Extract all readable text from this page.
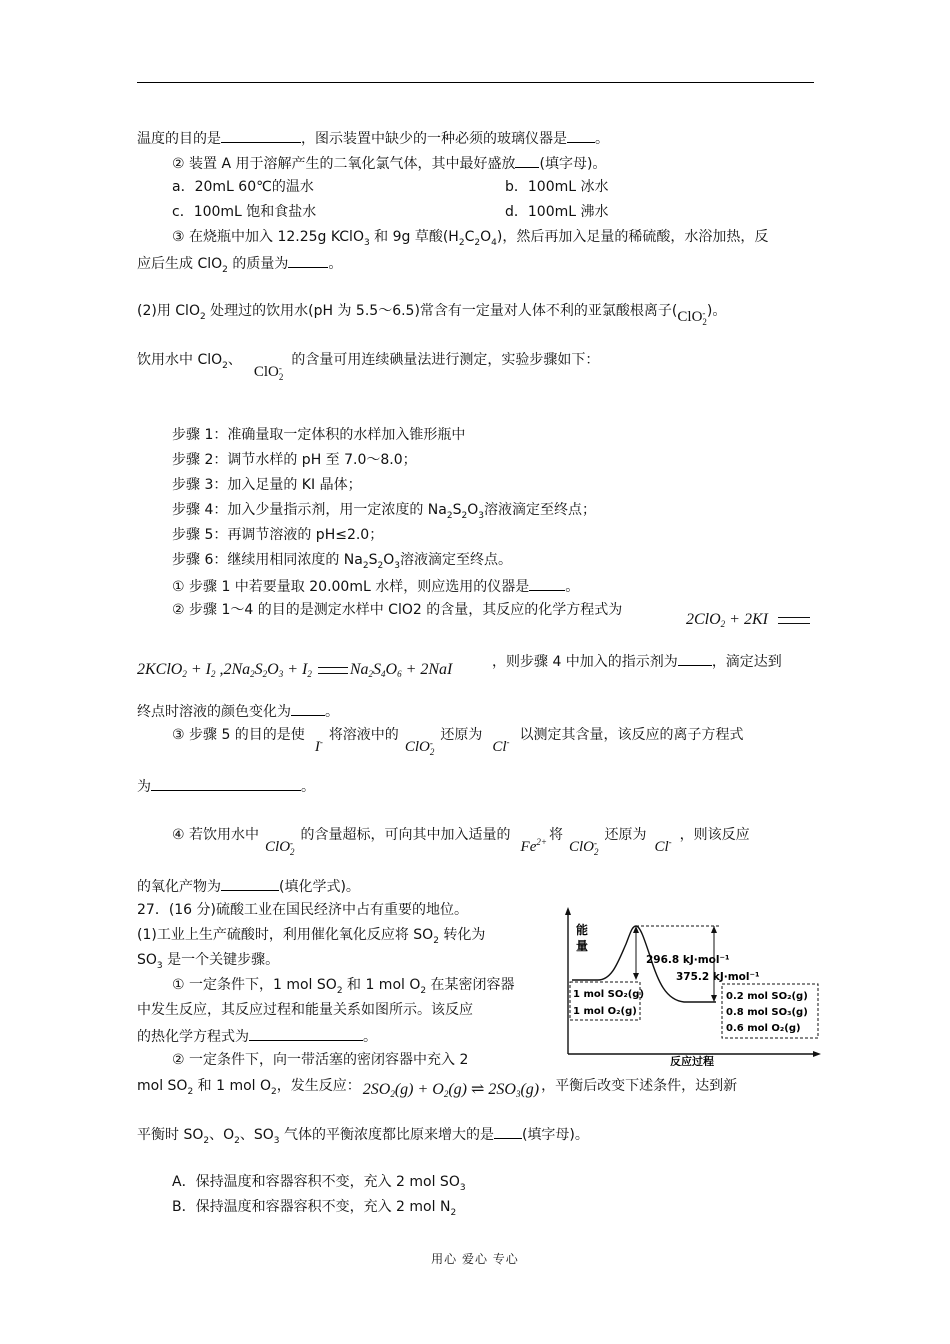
温度的目的是	，图示装置中缺少的一种必须的玻璃仪器是 。
② 装置 A 用于溶解产生的二氧化氯气体，其中最好盛放 (填字母)。
a．20mL 60℃的温水	b．100mL 冰水
c．100mL 饱和食盐水	d．100mL 沸水
③ 在烧瓶中加入 12.25g KClO$_3$ 和 9g 草酸$(H_2C_2O_4)$，然后再加入足量的稀硫酸，水浴加热，反
应后生成 ClO$_2$ 的质量为	。
(2)用 ClO$_2$ 处理过的饮用水(pH 为 5.5～6.5)常含有一定量对人体不利的亚氯酸根离子(ClO -
2
)。
饮用水中 ClO$_2$、ClO -
2
的含量可用连续碘量法进行测定，实验步骤如下：
步骤 1：准确量取一定体积的水样加入锥形瓶中
步骤 2：调节水样的 pH 至 7.0～8.0；
步骤 3：加入足量的 KI 晶体；
步骤 4：加入少量指示剂，用一定浓度的 $Na_2S_2O_3$溶液滴定至终点；
步骤 5：再调节溶液的 pH≤2.0；
步骤 6：继续用相同浓度的 $Na_2S_2O_3$溶液滴定至终点。
① 步骤 1 中若要量取 20.00mL 水样，则应选用的仪器是	。
② 步骤 1～4 的目的是测定水样中 ClO2 的含量，其反应的化学方程式为
2ClO2 + 2KI
2KClO2 + I2 ,2Na2S2O3 + I2 Na2S4O6 + 2NaI	，则步骤 4 中加入的指示剂为 ，滴定达到
终点时溶液的颜色变化为 。
③ 步骤 5 的目的是使I- 将溶液中的ClO -
2
还原为Cl- 以测定其含量，该反应的离子方程式
为	。
④ 若饮用水中ClO -
2
的含量超标，可向其中加入适量的$Fe^{2+}$ 将ClO -
2
还原为Cl- ，则该反应
的氧化产物为	(填化学式)。
27．(16 分)硫酸工业在国民经济中占有重要的地位。
(1)工业上生产硫酸时，利用催化氧化反应将 $SO_2$ 转化为
$SO_3$ 是一个关键步骤。
① 一定条件下，1 mol $SO_2$ 和 1 mol $O_2$ 在某密闭容器
中发生反应，其反应过程和能量关系如图所示。该反应
的热化学方程式为	。
② 一定条件下，向一带活塞的密闭容器中充入 2
mol $SO_2$ 和 1 mol $O_2$，发生反应： 2SO2(g) + O2(g) ⇌ 2SO3(g) ，平衡后改变下述条件，达到新
平衡时 $SO_2$、$O_2$、$SO_3$ 气体的平衡浓度都比原来增大的是 (填字母)。
A．保持温度和容器容积不变，充入 2 mol $SO_3$
B．保持温度和容器容积不变，充入 2 mol $N_2$
能
量
反应过程
296.8 kJ·mol⁻¹
375.2 kJ·mol⁻¹
1 mol SO₂(g)
1 mol O₂(g)
0.2 mol SO₂(g)
0.8 mol SO₃(g)
0.6 mol O₂(g)
用心 爱心 专心
